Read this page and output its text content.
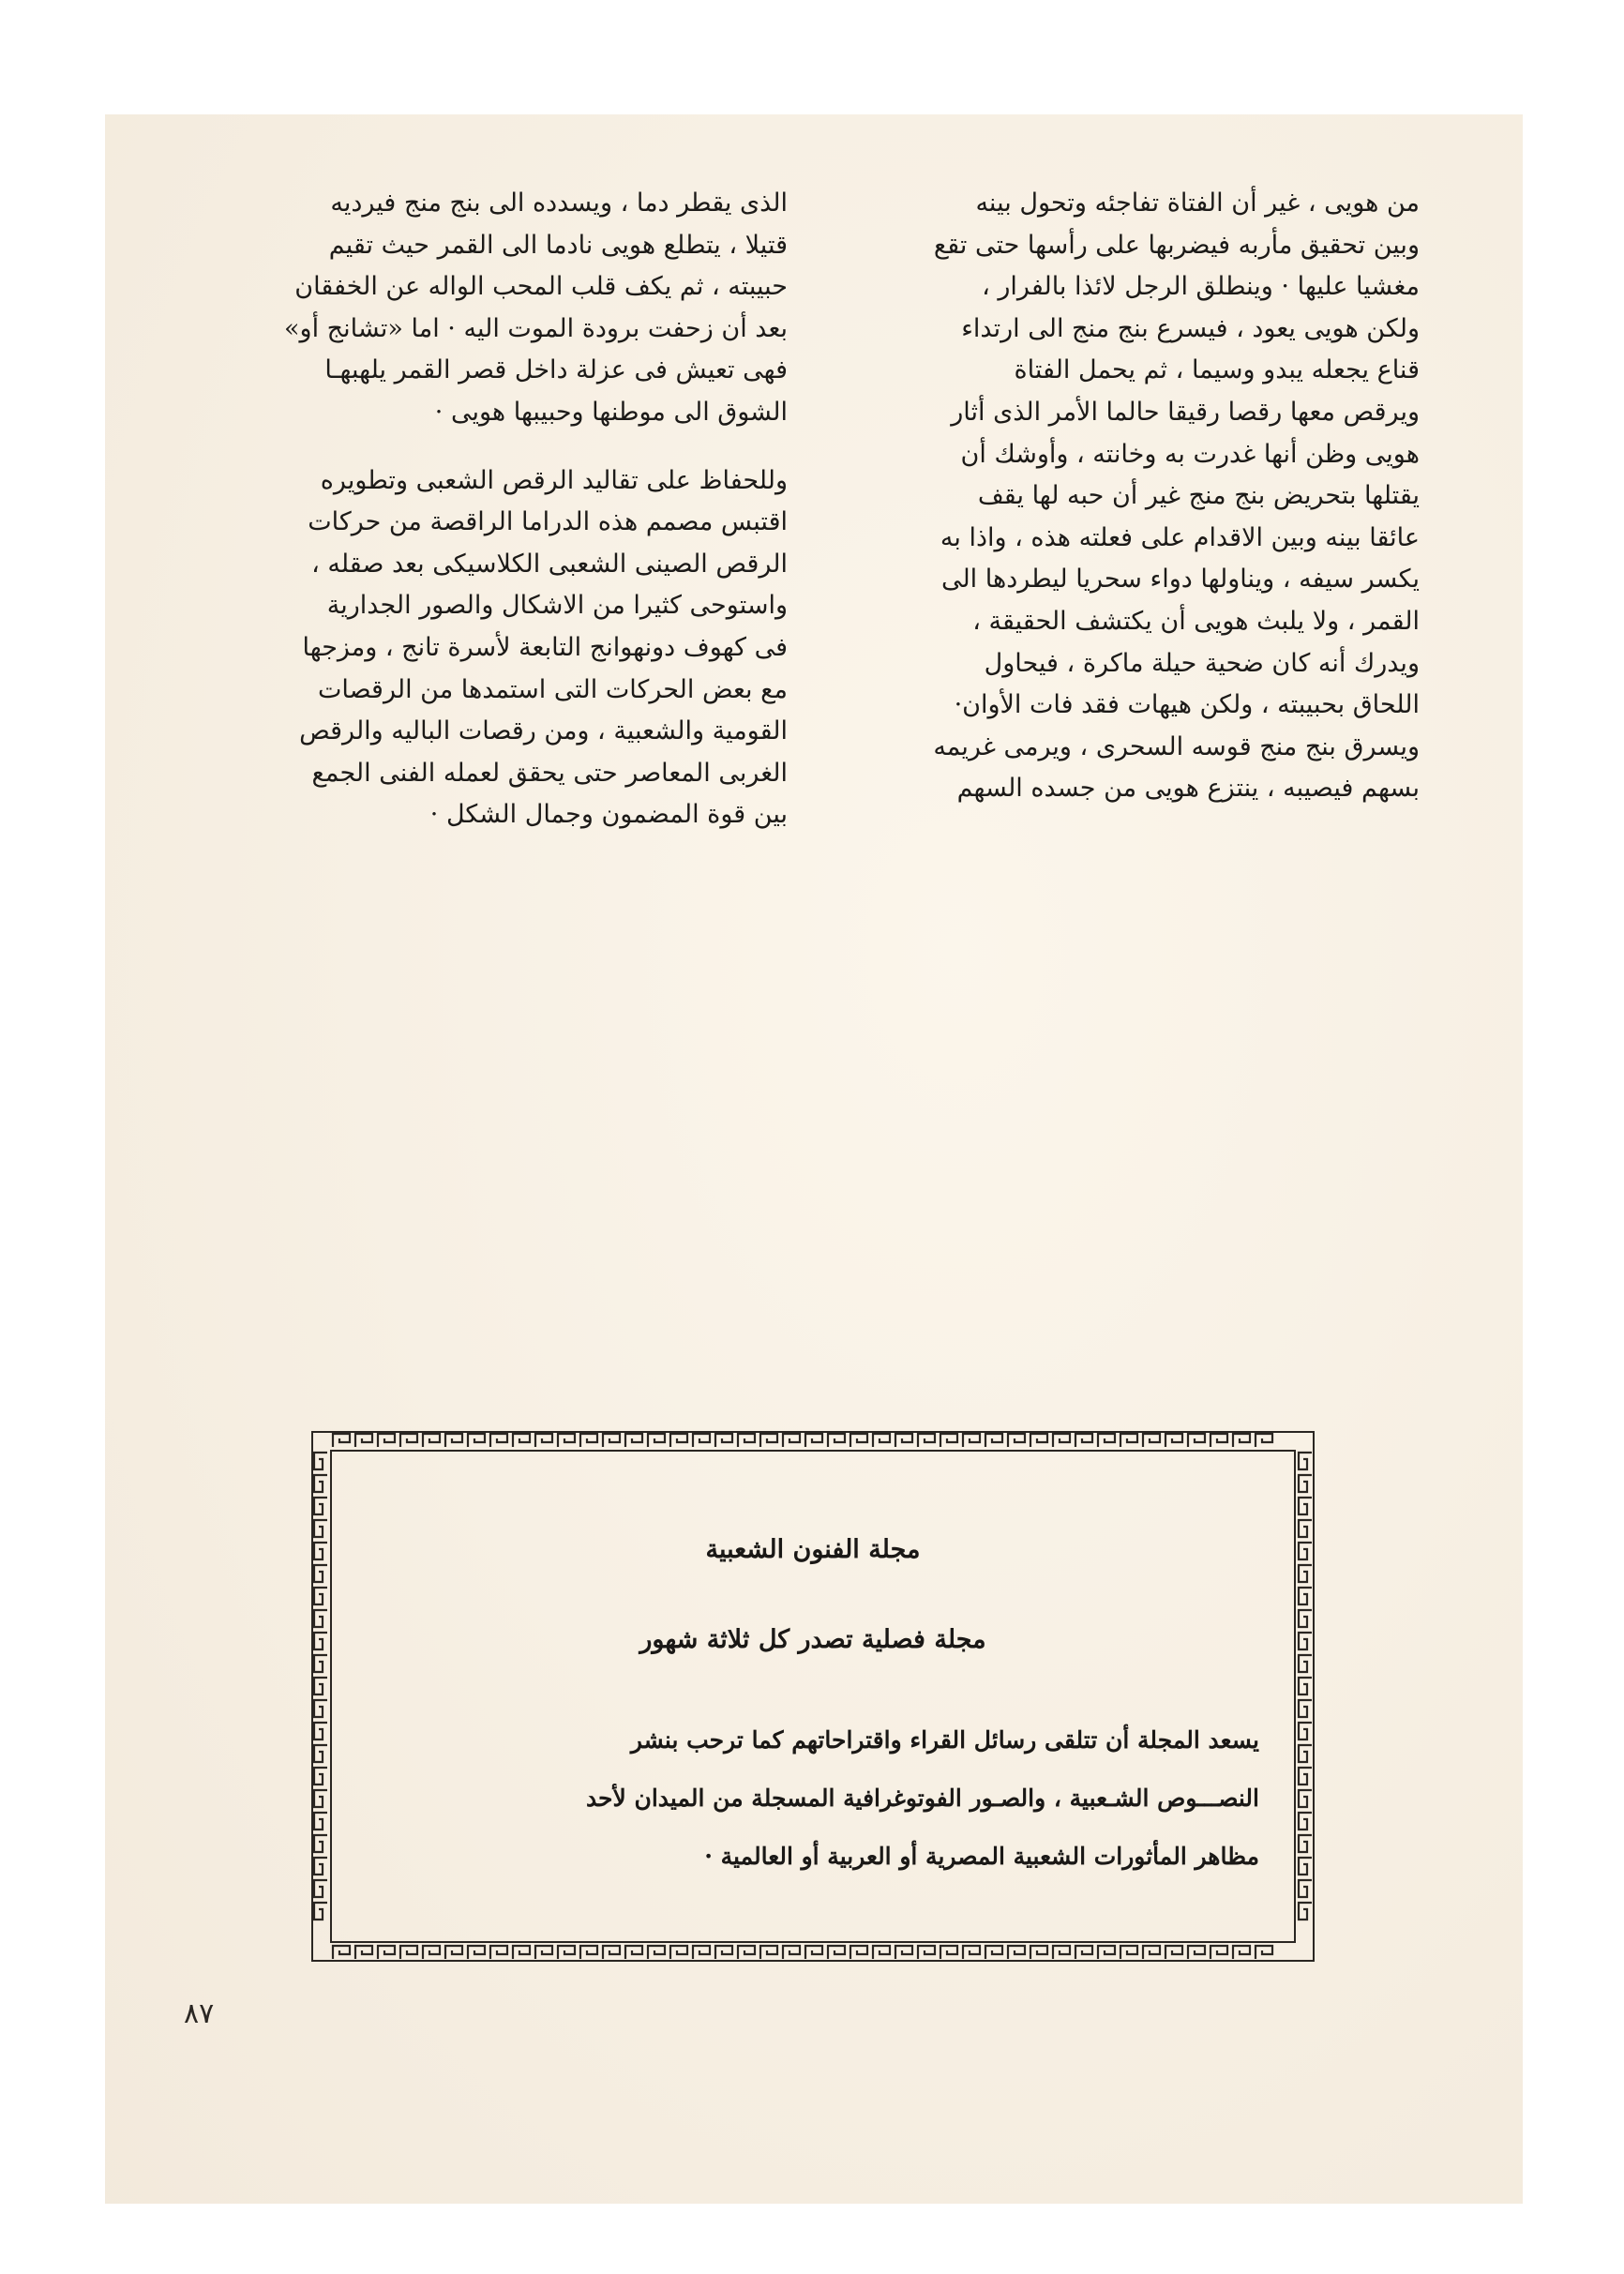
من هويى ، غير أن الفتاة تفاجئه وتحول بينه
وبين تحقيق مأربه فيضربها على رأسها حتى تقع
مغشيا عليها · وينطلق الرجل لائذا بالفرار ،
ولكن هويى يعود ، فيسرع بنج منج الى ارتداء
قناع يجعله يبدو وسيما ، ثم يحمل الفتاة
ويرقص معها رقصا رقيقا حالما الأمر الذى أثار
هويى وظن أنها غدرت به وخانته ، وأوشك أن
يقتلها بتحريض بنج منج غير أن حبه لها يقف
عائقا بينه وبين الاقدام على فعلته هذه ، واذا به
يكسر سيفه ، ويناولها دواء سحريا ليطردها الى
القمر ، ولا يلبث هويى أن يكتشف الحقيقة ،
ويدرك أنه كان ضحية حيلة ماكرة ، فيحاول
اللحاق بحبيبته ، ولكن هيهات فقد فات الأوان·
ويسرق بنج منج قوسه السحرى ، ويرمى غريمه
بسهم فيصيبه ، ينتزع هويى من جسده السهم

الذى يقطر دما ، ويسدده الى بنج منج فيرديه
قتيلا ، يتطلع هويى نادما الى القمر حيث تقيم
حبيبته ، ثم يكف قلب المحب الواله عن الخفقان
بعد أن زحفت برودة الموت اليه · اما «تشانج أو»
فهى تعيش فى عزلة داخل قصر القمر يلهبهـا
الشوق الى موطنها وحبيبها هويى ·

وللحفاظ على تقاليد الرقص الشعبى وتطويره
اقتبس مصمم هذه الدراما الراقصة من حركات
الرقص الصينى الشعبى الكلاسيكى بعد صقله ،
واستوحى كثيرا من الاشكال والصور الجدارية
فى كهوف دونهوانج التابعة لأسرة تانج ، ومزجها
مع بعض الحركات التى استمدها من الرقصات
القومية والشعبية ، ومن رقصات الباليه والرقص
الغربى المعاصر حتى يحقق لعمله الفنى الجمع
بين قوة المضمون وجمال الشكل ·

مجلة الفنون الشعبية
مجلة فصلية تصدر كل ثلاثة شهور
يسعد المجلة أن تتلقى رسائل القراء واقتراحاتهم كما ترحب بنشر
النصـــوص الشـعبية ، والصـور الفوتوغرافية المسجلة من الميدان لأحد
مظاهر المأثورات الشعبية المصرية أو العربية أو العالمية ·
٨٧
